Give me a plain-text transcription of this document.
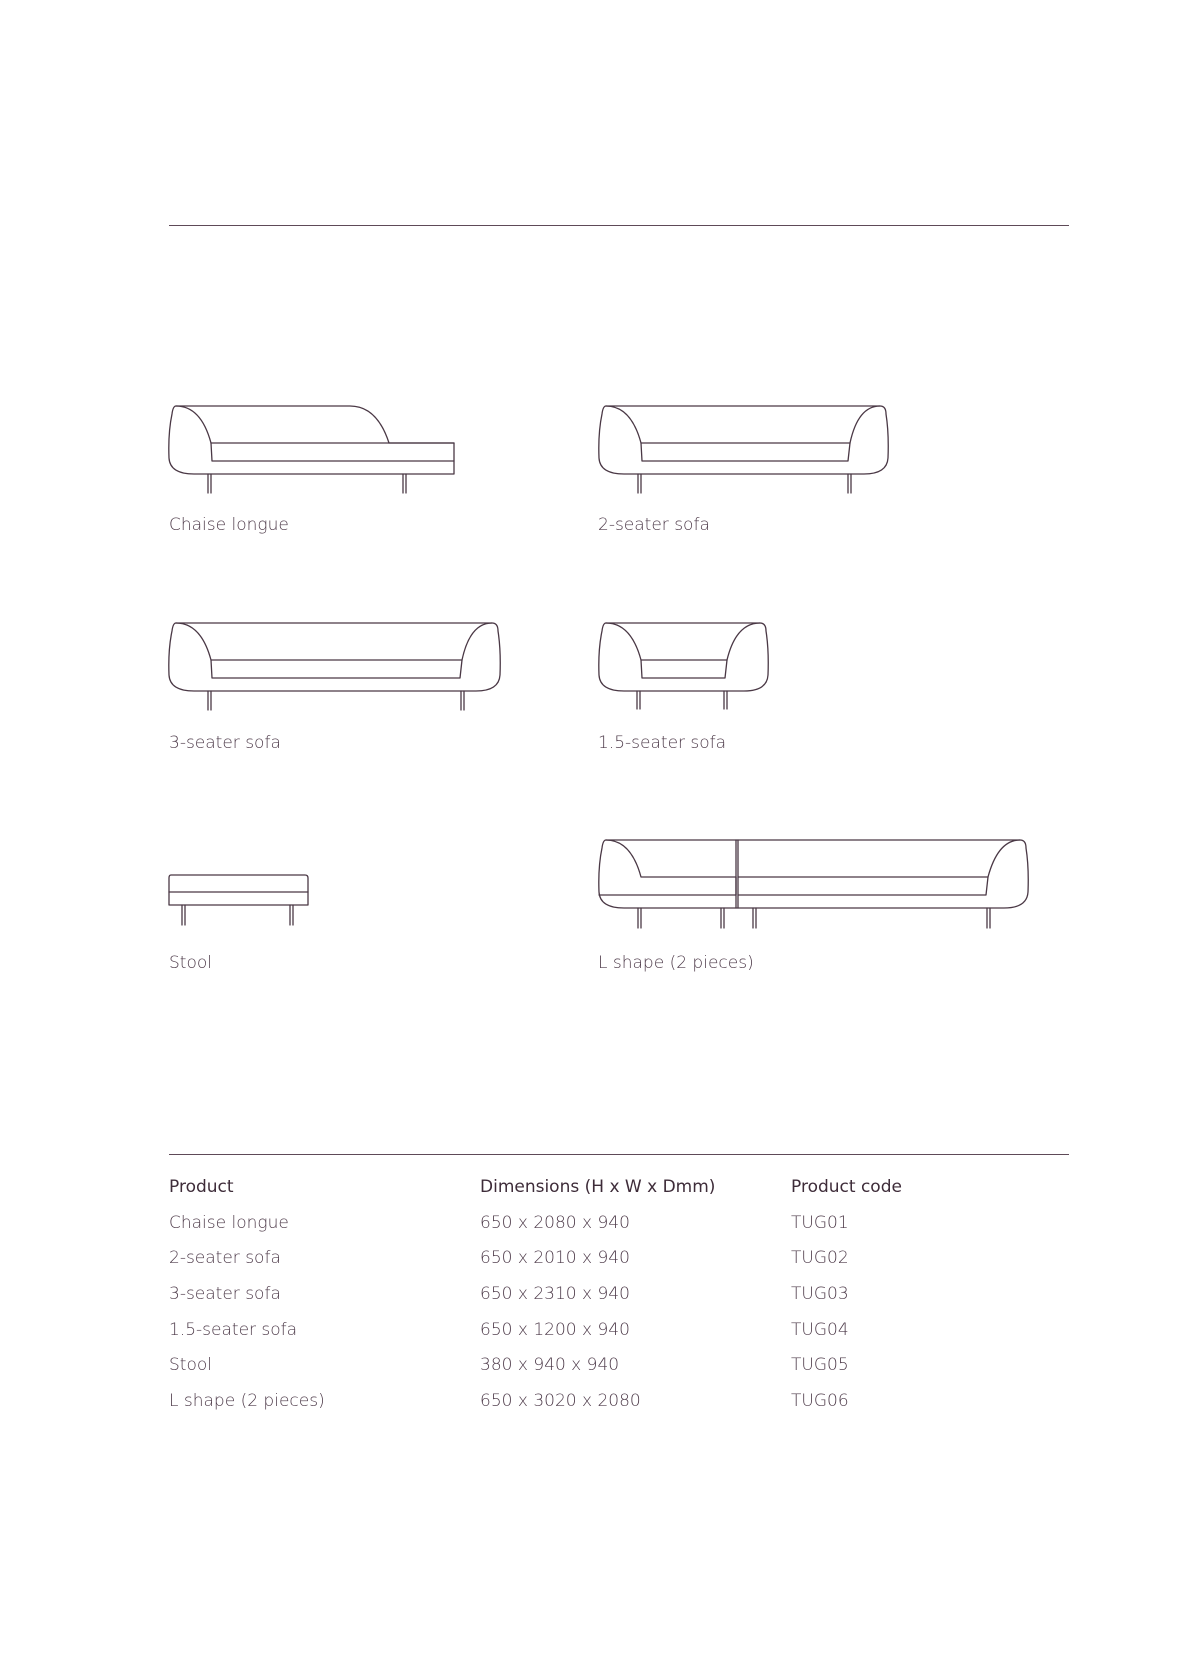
Chaise longue	2-seater sofa
3-seater sofa	1.5-seater sofa
Stool	L shape (2 pieces)
Product	Dimensions (H x W x Dmm)	Product code
Chaise longue	650 x 2080 x 940	TUG01
2-seater sofa	650 x 2010 x 940	TUG02
3-seater sofa	650 x 2310 x 940	TUG03
1.5-seater sofa	650 x 1200 x 940	TUG04
Stool	380 x 940 x 940	TUG05
L shape (2 pieces)	650 x 3020 x 2080	TUG06
